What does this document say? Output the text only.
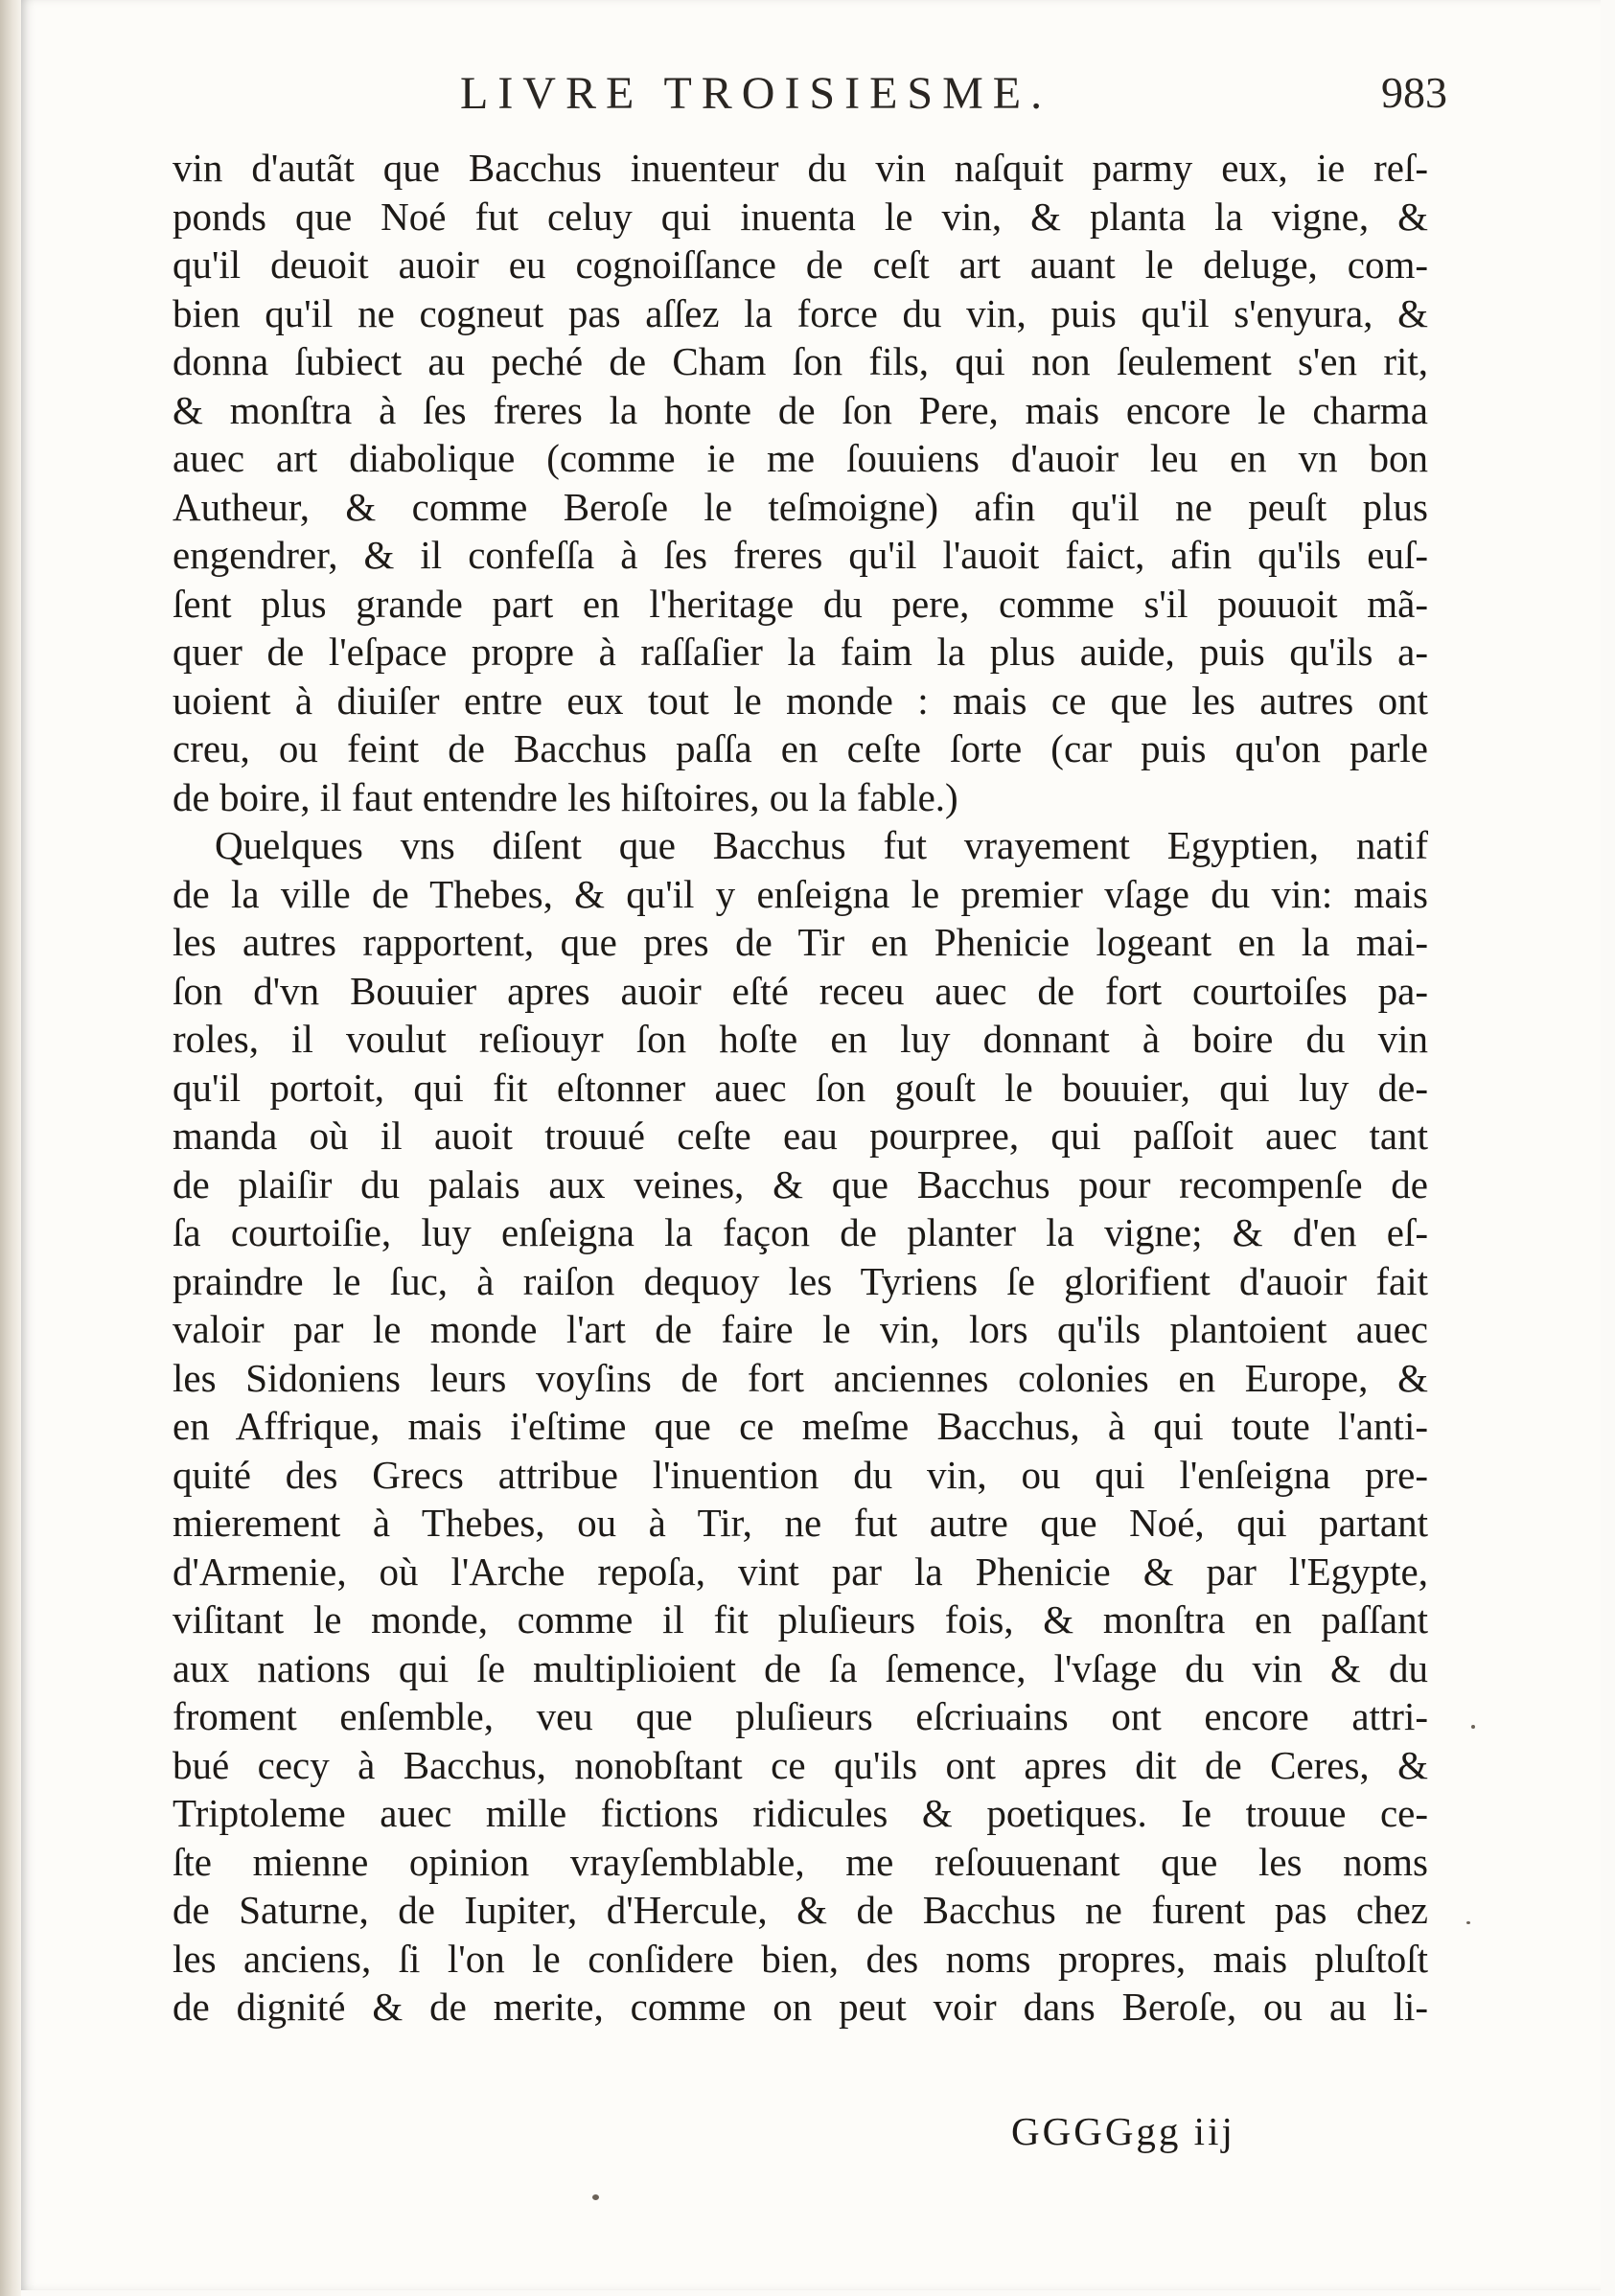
LIVRE TROISIESME.	983
vin d'autãt que Bacchus inuenteur du vin naſquit parmy eux, ie reſ-
ponds que Noé fut celuy qui inuenta le vin, & planta la vigne, &
qu'il deuoit auoir eu cognoiſſance de ceſt art auant le deluge, com-
bien qu'il ne cogneut pas aſſez la force du vin, puis qu'il s'enyura, &
donna ſubiect au peché de Cham ſon fils, qui non ſeulement s'en rit,
& monſtra à ſes freres la honte de ſon Pere, mais encore le charma
auec art diabolique (comme ie me ſouuiens d'auoir leu en vn bon
Autheur, & comme Beroſe le teſmoigne) afin qu'il ne peuſt plus
engendrer, & il confeſſa à ſes freres qu'il l'auoit faict, afin qu'ils euſ-
ſent plus grande part en l'heritage du pere, comme s'il pouuoit mã-
quer de l'eſpace propre à raſſaſier la faim la plus auide, puis qu'ils a-
uoient à diuiſer entre eux tout le monde : mais ce que les autres ont
creu, ou feint de Bacchus paſſa en ceſte ſorte (car puis qu'on parle
de boire, il faut entendre les hiſtoires, ou la fable.)
Quelques vns diſent que Bacchus fut vrayement Egyptien, natif
de la ville de Thebes, & qu'il y enſeigna le premier vſage du vin: mais
les autres rapportent, que pres de Tir en Phenicie logeant en la mai-
ſon d'vn Bouuier apres auoir eſté receu auec de fort courtoiſes pa-
roles, il voulut reſiouyr ſon hoſte en luy donnant à boire du vin
qu'il portoit, qui fit eſtonner auec ſon gouſt le bouuier, qui luy de-
manda où il auoit trouué ceſte eau pourpree, qui paſſoit auec tant
de plaiſir du palais aux veines, & que Bacchus pour recompenſe de
ſa courtoiſie, luy enſeigna la façon de planter la vigne; & d'en eſ-
praindre le ſuc, à raiſon dequoy les Tyriens ſe glorifient d'auoir fait
valoir par le monde l'art de faire le vin, lors qu'ils plantoient auec
les Sidoniens leurs voyſins de fort anciennes colonies en Europe, &
en Affrique, mais i'eſtime que ce meſme Bacchus, à qui toute l'anti-
quité des Grecs attribue l'inuention du vin, ou qui l'enſeigna pre-
mierement à Thebes, ou à Tir, ne fut autre que Noé, qui partant
d'Armenie, où l'Arche repoſa, vint par la Phenicie & par l'Egypte,
viſitant le monde, comme il fit pluſieurs fois, & monſtra en paſſant
aux nations qui ſe multiplioient de ſa ſemence, l'vſage du vin & du
froment enſemble, veu que pluſieurs eſcriuains ont encore attri-
bué cecy à Bacchus, nonobſtant ce qu'ils ont apres dit de Ceres, &
Triptoleme auec mille fictions ridicules & poetiques. Ie trouue ce-
ſte mienne opinion vrayſemblable, me reſouuenant que les noms
de Saturne, de Iupiter, d'Hercule, & de Bacchus ne furent pas chez
les anciens, ſi l'on le conſidere bien, des noms propres, mais pluſtoſt
de dignité & de merite, comme on peut voir dans Beroſe, ou au li-
GGGGgg iij
